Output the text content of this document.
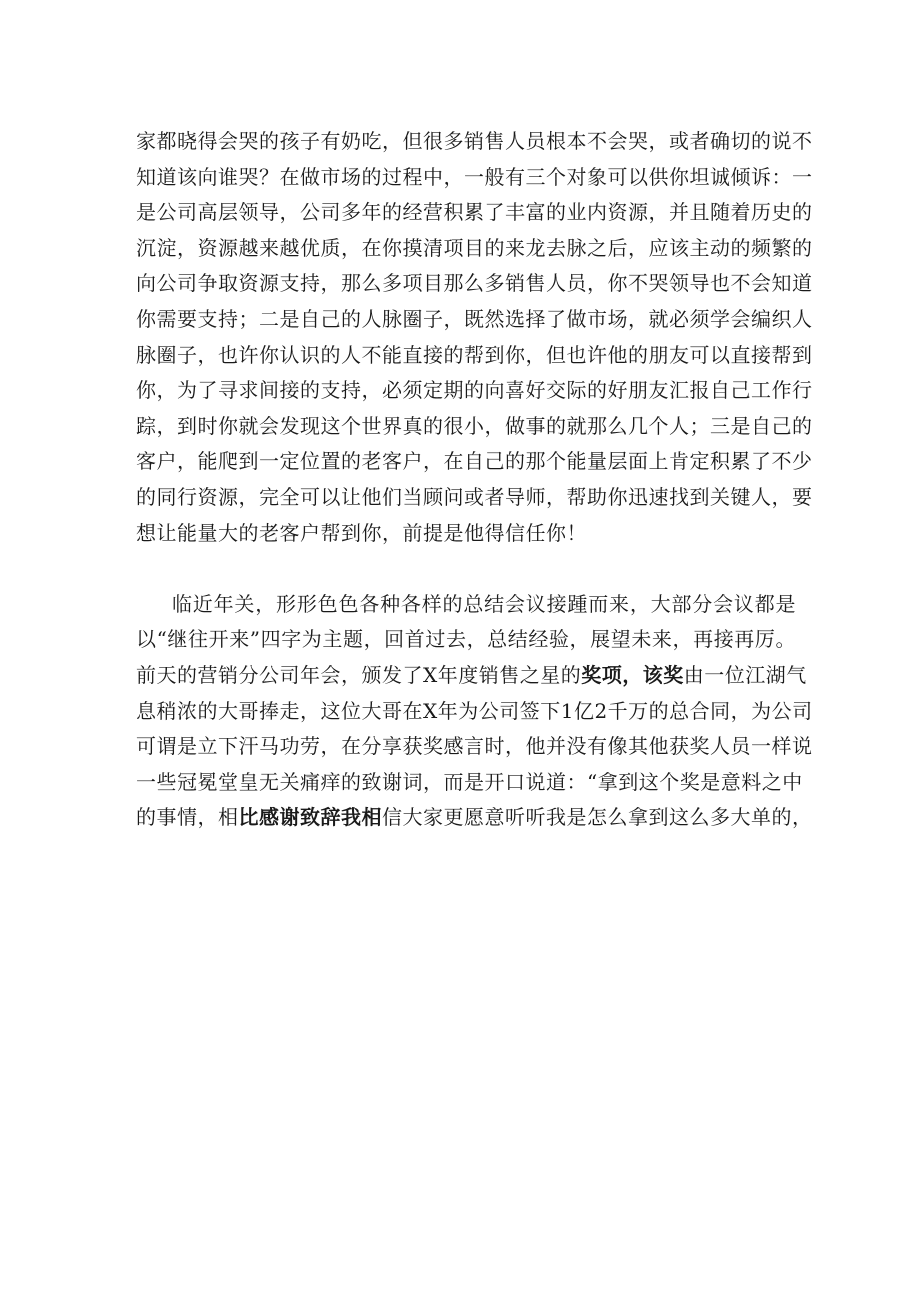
家都晓得会哭的孩子有奶吃，但很多销售人员根本不会哭，或者确切的说不
知道该向谁哭？在做市场的过程中，一般有三个对象可以供你坦诚倾诉：一
是公司高层领导，公司多年的经营积累了丰富的业内资源，并且随着历史的
沉淀，资源越来越优质，在你摸清项目的来龙去脉之后，应该主动的频繁的
向公司争取资源支持，那么多项目那么多销售人员，你不哭领导也不会知道
你需要支持；二是自己的人脉圈子，既然选择了做市场，就必须学会编织人
脉圈子，也许你认识的人不能直接的帮到你，但也许他的朋友可以直接帮到
你，为了寻求间接的支持，必须定期的向喜好交际的好朋友汇报自己工作行
踪，到时你就会发现这个世界真的很小，做事的就那么几个人；三是自己的
客户，能爬到一定位置的老客户，在自己的那个能量层面上肯定积累了不少
的同行资源，完全可以让他们当顾问或者导师，帮助你迅速找到关键人，要
想让能量大的老客户帮到你，前提是他得信任你！
临近年关，形形色色各种各样的总结会议接踵而来，大部分会议都是
以“继往开来”四字为主题，回首过去，总结经验，展望未来，再接再厉。
前天的营销分公司年会，颁发了X年度销售之星的奖项，该奖由一位江湖气
息稍浓的大哥捧走，这位大哥在X年为公司签下1亿2千万的总合同，为公司
可谓是立下汗马功劳，在分享获奖感言时，他并没有像其他获奖人员一样说
一些冠冕堂皇无关痛痒的致谢词，而是开口说道：“拿到这个奖是意料之中
的事情，相比感谢致辞我相信大家更愿意听听我是怎么拿到这么多大单的，
